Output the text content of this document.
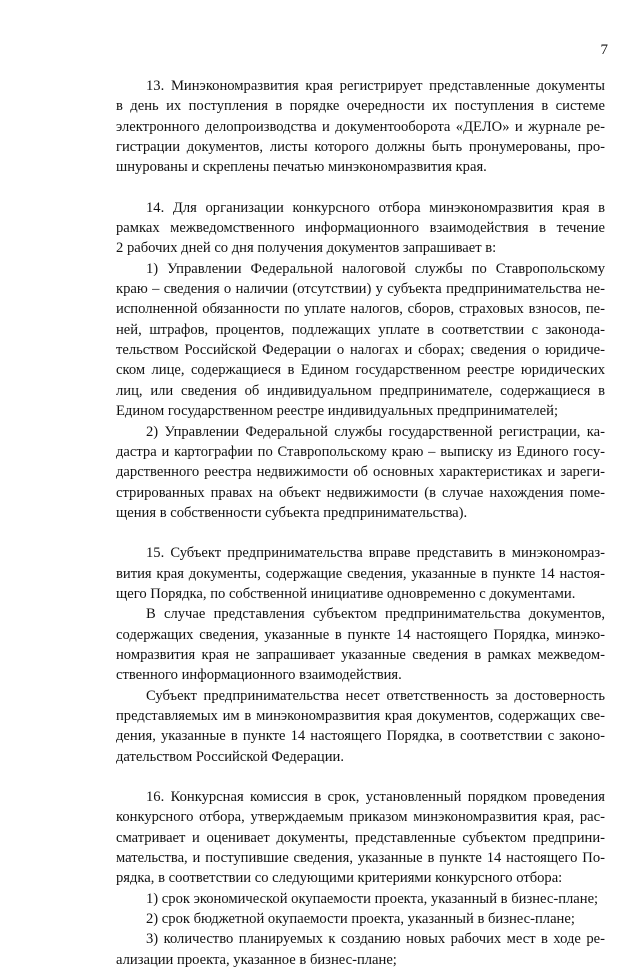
7
13. Минэкономразвития края регистрирует представленные документы
в день их поступления в порядке очередности их поступления в системе
электронного делопроизводства и документооборота «ДЕЛО» и журнале ре-
гистрации документов, листы которого должны быть пронумерованы, про-
шнурованы и скреплены печатью минэкономразвития края.
14. Для организации конкурсного отбора минэкономразвития края в
рамках межведомственного информационного взаимодействия в течение
2 рабочих дней со дня получения документов запрашивает в:
1) Управлении Федеральной налоговой службы по Ставропольскому
краю – сведения о наличии (отсутствии) у субъекта предпринимательства не-
исполненной обязанности по уплате налогов, сборов, страховых взносов, пе-
ней, штрафов, процентов, подлежащих уплате в соответствии с законода-
тельством Российской Федерации о налогах и сборах; сведения о юридиче-
ском лице, содержащиеся в Едином государственном реестре юридических
лиц, или сведения об индивидуальном предпринимателе, содержащиеся в
Едином государственном реестре индивидуальных предпринимателей;
2) Управлении Федеральной службы государственной регистрации, ка-
дастра и картографии по Ставропольскому краю – выписку из Единого госу-
дарственного реестра недвижимости об основных характеристиках и зареги-
стрированных правах на объект недвижимости (в случае нахождения поме-
щения в собственности субъекта предпринимательства).
15. Субъект предпринимательства вправе представить в минэкономраз-
вития края документы, содержащие сведения, указанные в пункте 14 настоя-
щего Порядка, по собственной инициативе одновременно с документами.
В случае представления субъектом предпринимательства документов,
содержащих сведения, указанные в пункте 14 настоящего Порядка, минэко-
номразвития края не запрашивает указанные сведения в рамках межведом-
ственного информационного взаимодействия.
Субъект предпринимательства несет ответственность за достоверность
представляемых им в минэкономразвития края документов, содержащих све-
дения, указанные в пункте 14 настоящего Порядка, в соответствии с законо-
дательством Российской Федерации.
16. Конкурсная комиссия в срок, установленный порядком проведения
конкурсного отбора, утверждаемым приказом минэкономразвития края, рас-
сматривает и оценивает документы, представленные субъектом предприни-
мательства, и поступившие сведения, указанные в пункте 14 настоящего По-
рядка, в соответствии со следующими критериями конкурсного отбора:
1) срок экономической окупаемости проекта, указанный в бизнес-плане;
2) срок бюджетной окупаемости проекта, указанный в бизнес-плане;
3) количество планируемых к созданию новых рабочих мест в ходе ре-
ализации проекта, указанное в бизнес-плане;
